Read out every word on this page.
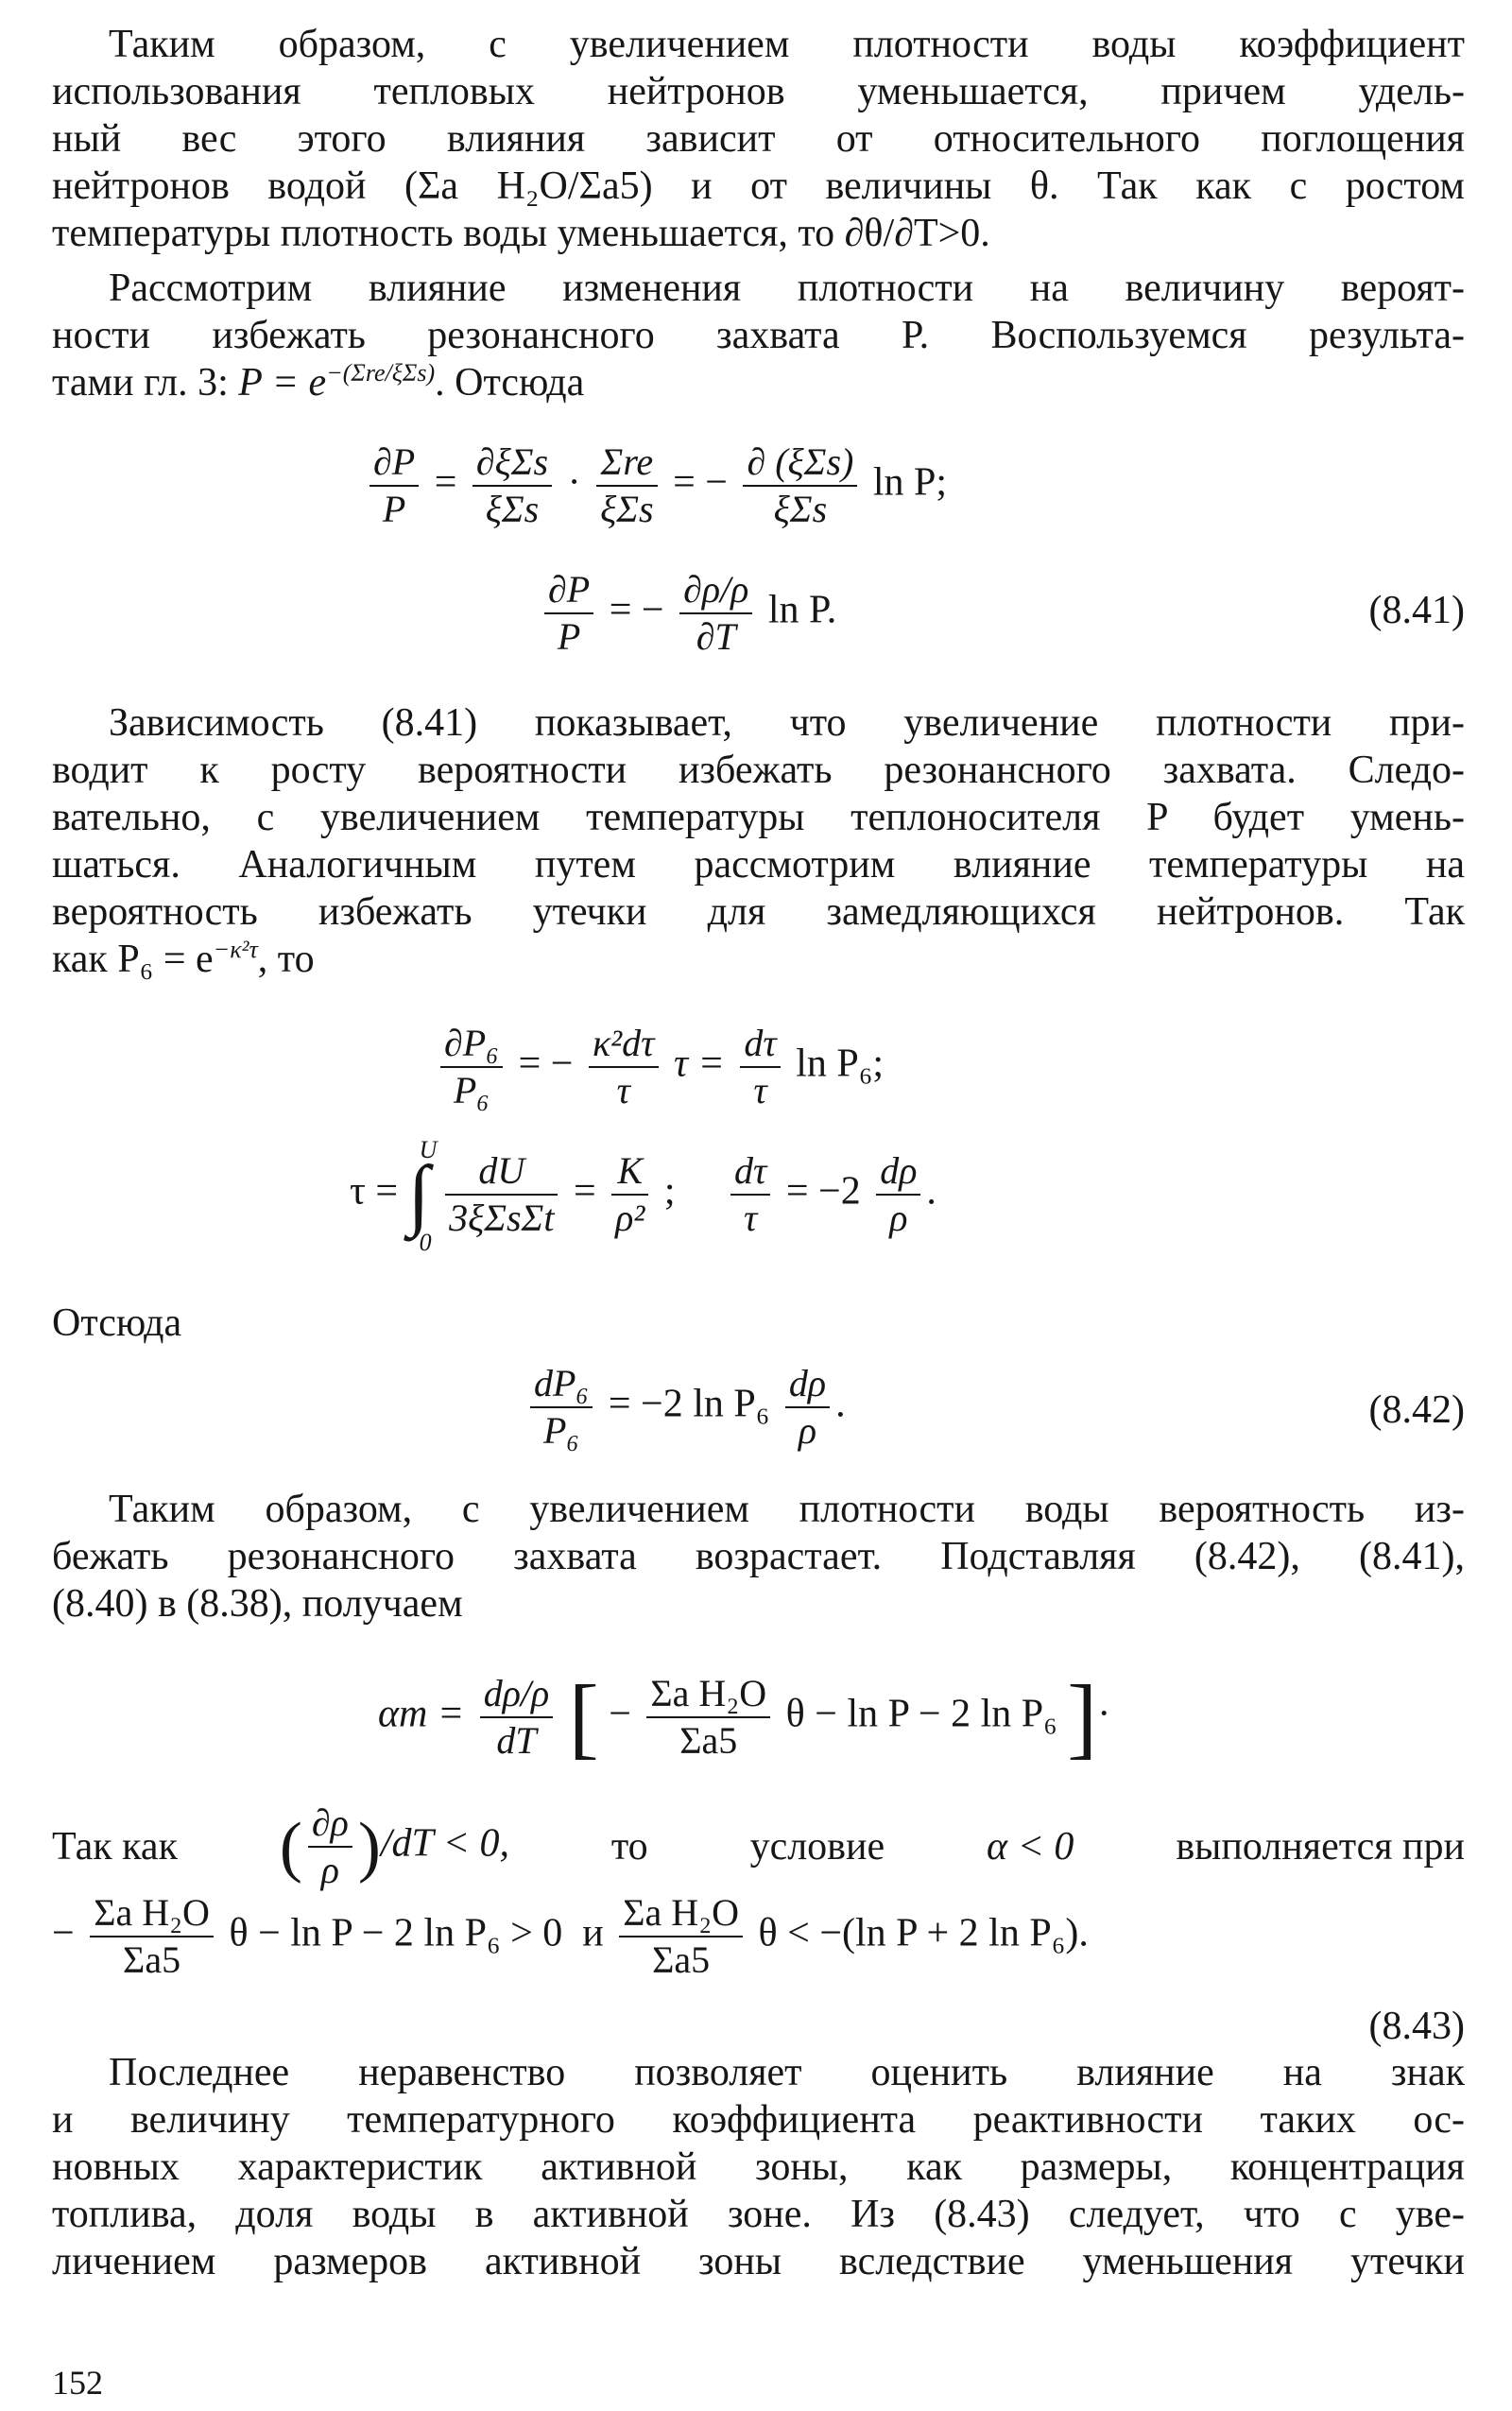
Таким образом, с увеличением плотности воды коэффициент
использования тепловых нейтронов уменьшается, причем удель-
ный вес этого влияния зависит от относительного поглощения
нейтронов водой (Σa H₂O/Σa5) и от величины θ. Так как с ростом
температуры плотность воды уменьшается, то ∂θ/∂T>0.
Рассмотрим влияние изменения плотности на величину вероят-
ности избежать резонансного захвата P. Воспользуемся результа-
тами гл. 3: $P = e^{-(\Sigma re/\xi\Sigma s)}$. Отсюда
$\frac{\partial P}{P} = \frac{\text{∂ξΣs}}{\text{ξΣs}} \cdot \frac{\text{Σre}}{\text{ξΣs}}$ = − $\frac{\text{∂ (ξΣs)}}{\text{ξΣs}}$ ln P;
$\frac{\partial P}{P}$ = − $\frac{\partial\rho/\rho}{\partial T}$ ln P.	(8.41)
Зависимость (8.41) показывает, что увеличение плотности при-
водит к росту вероятности избежать резонансного захвата. Следо-
вательно, с увеличением температуры теплоносителя P будет умень-
шаться. Аналогичным путем рассмотрим влияние температуры на
вероятность избежать утечки для замедляющихся нейтронов. Так
как $P_6 = e^{-\kappa^2\tau}$, то
$\frac{\text{∂P₆}}{\text{P₆}}$ = − $\frac{\text{κ²dτ}}{\tau}$ $\tau = \frac{d\tau}{\tau}$ ln P₆;
τ = ∫
U
0

$\frac{dU}{\text{3ξΣsΣt}} = \frac{K}{\text{ρ²}}$ ; $\frac{d\tau}{\tau} = -2 \frac{d\rho}{\rho}$ .
Отсюда
$\frac{\text{dP₆}}{\text{P₆}} = -2$ $\ln P_6 \frac{d\rho}{\rho}$ .	(8.42)
Таким образом, с увеличением плотности воды вероятность из-
бежать резонансного захвата возрастает. Подставляя (8.42), (8.41),
(8.40) в (8.38), получаем
$\alpha т = \frac{d\rho/\rho}{dT}$ [ − $\frac{\text{Σa H₂O}}{\Sigma a5}$ θ − ln P − 2 ln P₆ ]·
Так как ( $\frac{\partial\rho}{\rho} )/dT < 0$,	то	условие	α < 0	выполняется при
− $\frac{\text{Σa H₂O}}{\Sigma a5}$ θ − ln P − 2 ln P₆ > 0 и $\frac{\text{Σa H₂O}}{\Sigma a5}$ θ < −(ln P + 2 ln P₆).
(8.43)
Последнее неравенство позволяет оценить влияние на знак
и величину температурного коэффициента реактивности таких ос-
новных характеристик активной зоны, как размеры, концентрация
топлива, доля воды в активной зоне. Из (8.43) следует, что с уве-
личением размеров активной зоны вследствие уменьшения утечки
152
